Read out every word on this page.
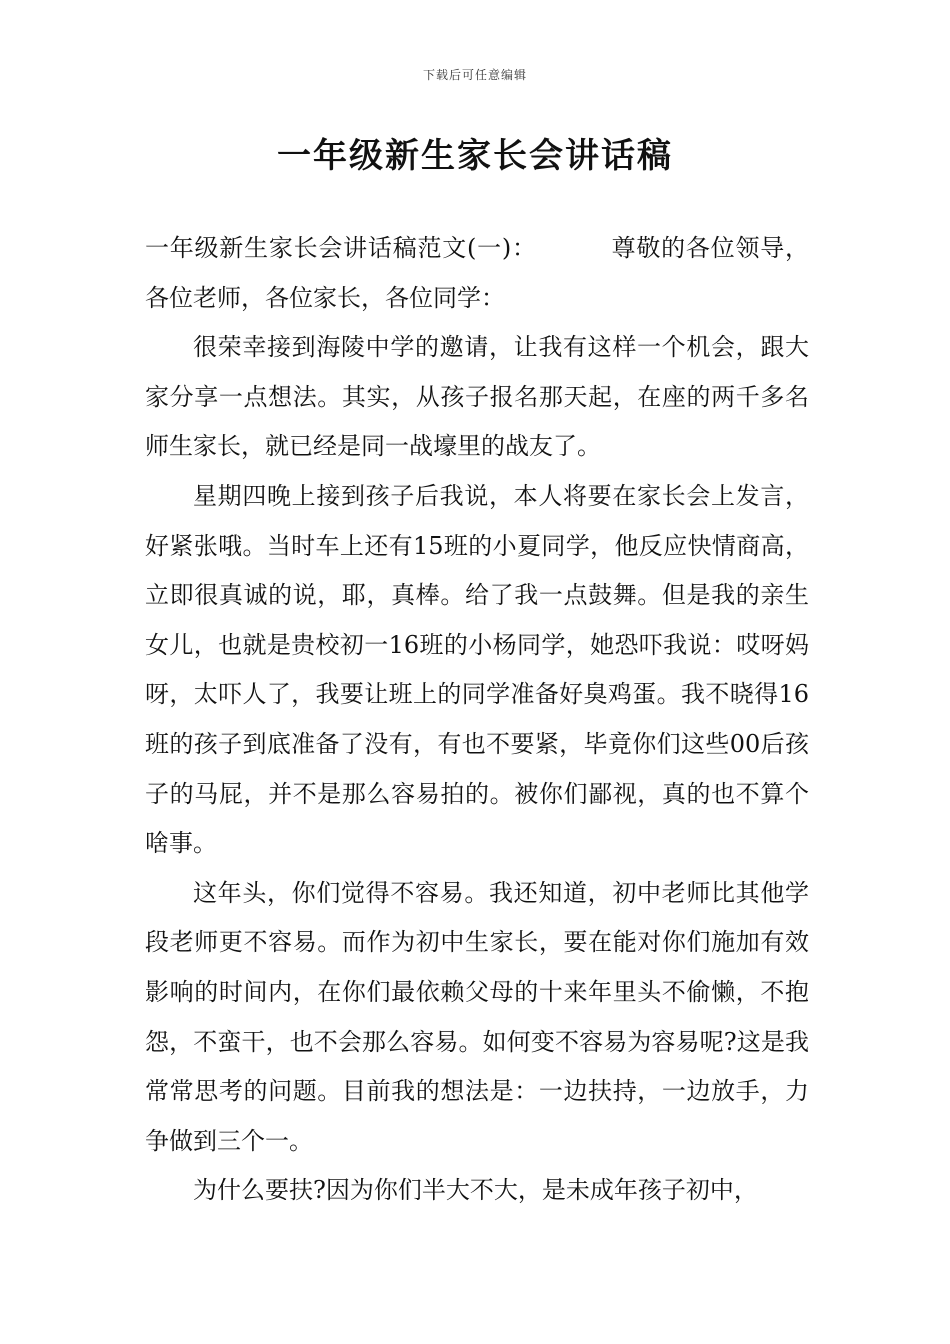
下载后可任意编辑
一年级新生家长会讲话稿

一年级新生家长会讲话稿范文(一)：	尊敬的各位领导，各位老师，各位家长，各位同学：

很荣幸接到海陵中学的邀请，让我有这样一个机会，跟大家分享一点想法。其实，从孩子报名那天起，在座的两千多名师生家长，就已经是同一战壕里的战友了。

星期四晚上接到孩子后我说，本人将要在家长会上发言，好紧张哦。当时车上还有15班的小夏同学，他反应快情商高，立即很真诚的说，耶，真棒。给了我一点鼓舞。但是我的亲生女儿，也就是贵校初一16班的小杨同学，她恐吓我说：哎呀妈呀，太吓人了，我要让班上的同学准备好臭鸡蛋。我不晓得16班的孩子到底准备了没有，有也不要紧，毕竟你们这些00后孩子的马屁，并不是那么容易拍的。被你们鄙视，真的也不算个啥事。

这年头，你们觉得不容易。我还知道，初中老师比其他学段老师更不容易。而作为初中生家长，要在能对你们施加有效影响的时间内，在你们最依赖父母的十来年里头不偷懒，不抱怨，不蛮干，也不会那么容易。如何变不容易为容易呢?这是我常常思考的问题。目前我的想法是：一边扶持，一边放手，力争做到三个一。

为什么要扶?因为你们半大不大，是未成年孩子初中，
